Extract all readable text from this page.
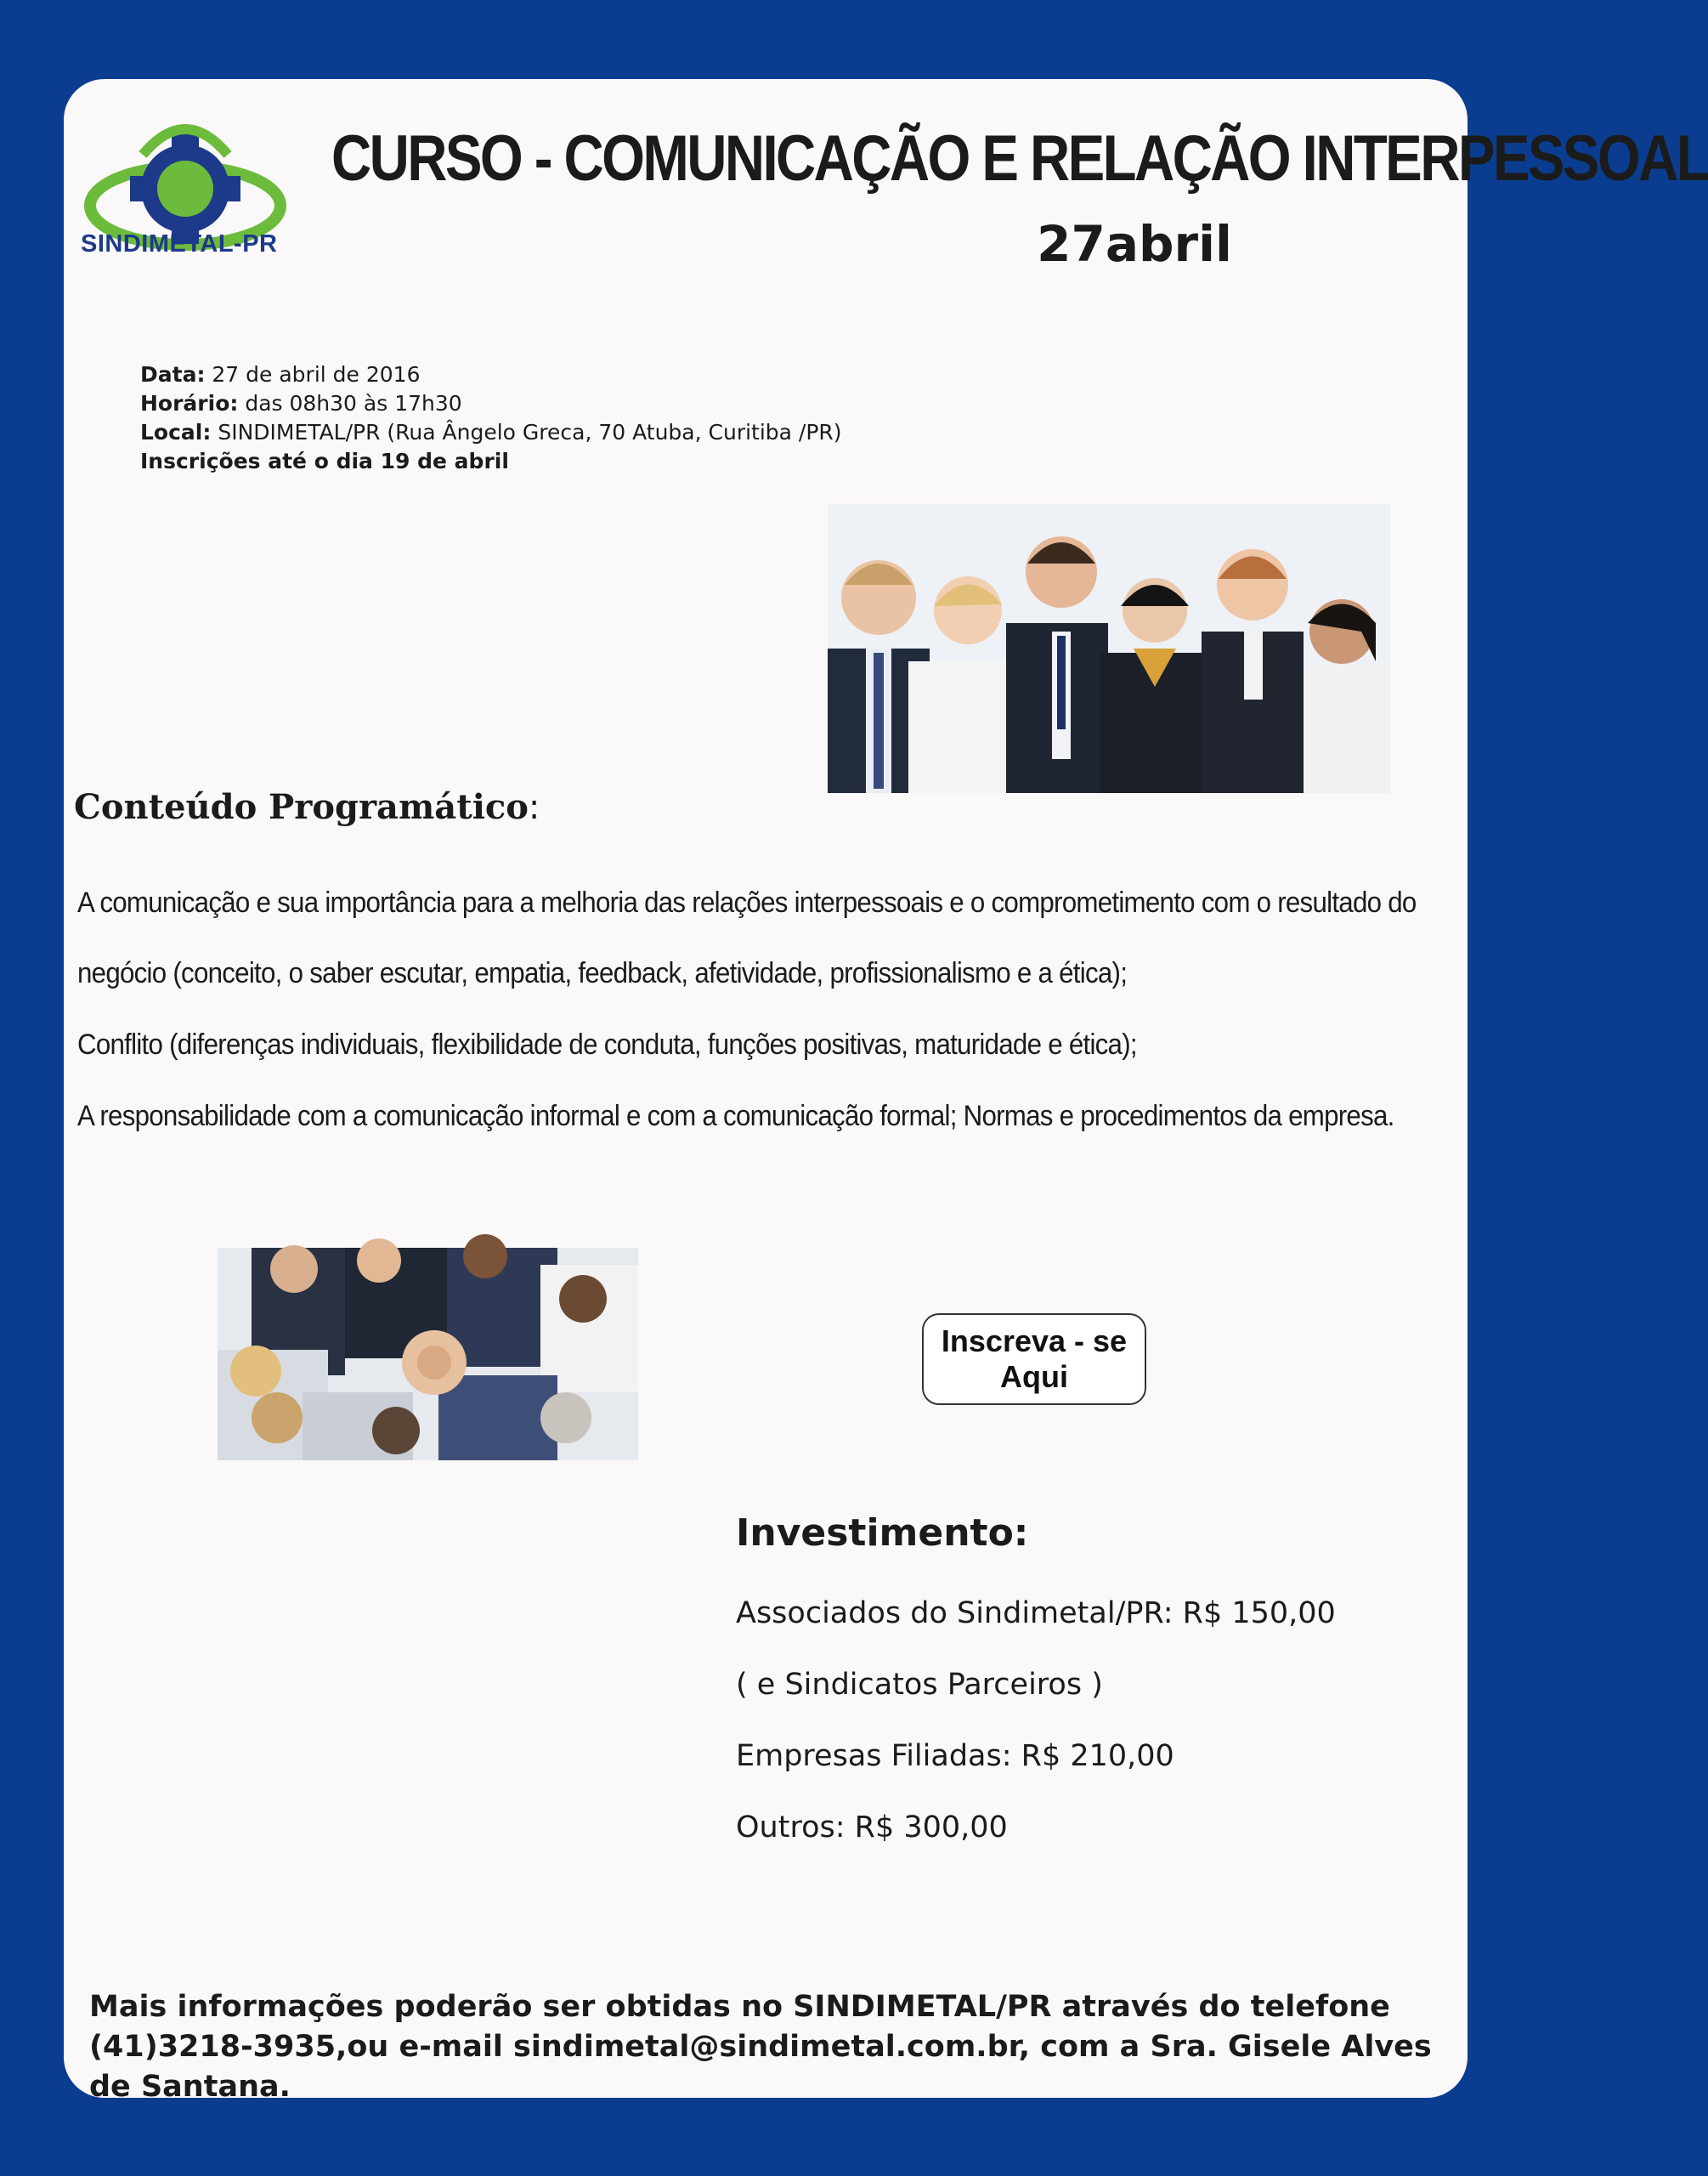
SINDIMETAL-PR
CURSO - COMUNICAÇÃO E RELAÇÃO INTERPESSOAL
27abril
Data: 27 de abril de 2016
Horário: das 08h30 às 17h30
Local: SINDIMETAL/PR (Rua Ângelo Greca, 70 Atuba, Curitiba /PR)
Inscrições até o dia 19 de abril
Conteúdo Programático:
A comunicação e sua importância para a melhoria das relações interpessoais e o comprometimento com o resultado do
negócio (conceito, o saber escutar, empatia, feedback, afetividade, profissionalismo e a ética);
Conflito (diferenças individuais, flexibilidade de conduta, funções positivas, maturidade e ética);
A responsabilidade com a comunicação informal e com a comunicação formal; Normas e procedimentos da empresa.
Inscreva - se
Aqui
Investimento:
Associados do Sindimetal/PR: R$ 150,00
( e Sindicatos Parceiros )
Empresas Filiadas: R$ 210,00
Outros: R$ 300,00
Mais informações poderão ser obtidas no SINDIMETAL/PR através do telefone
(41)3218-3935,ou e-mail sindimetal@sindimetal.com.br, com a Sra. Gisele Alves de Santana.
